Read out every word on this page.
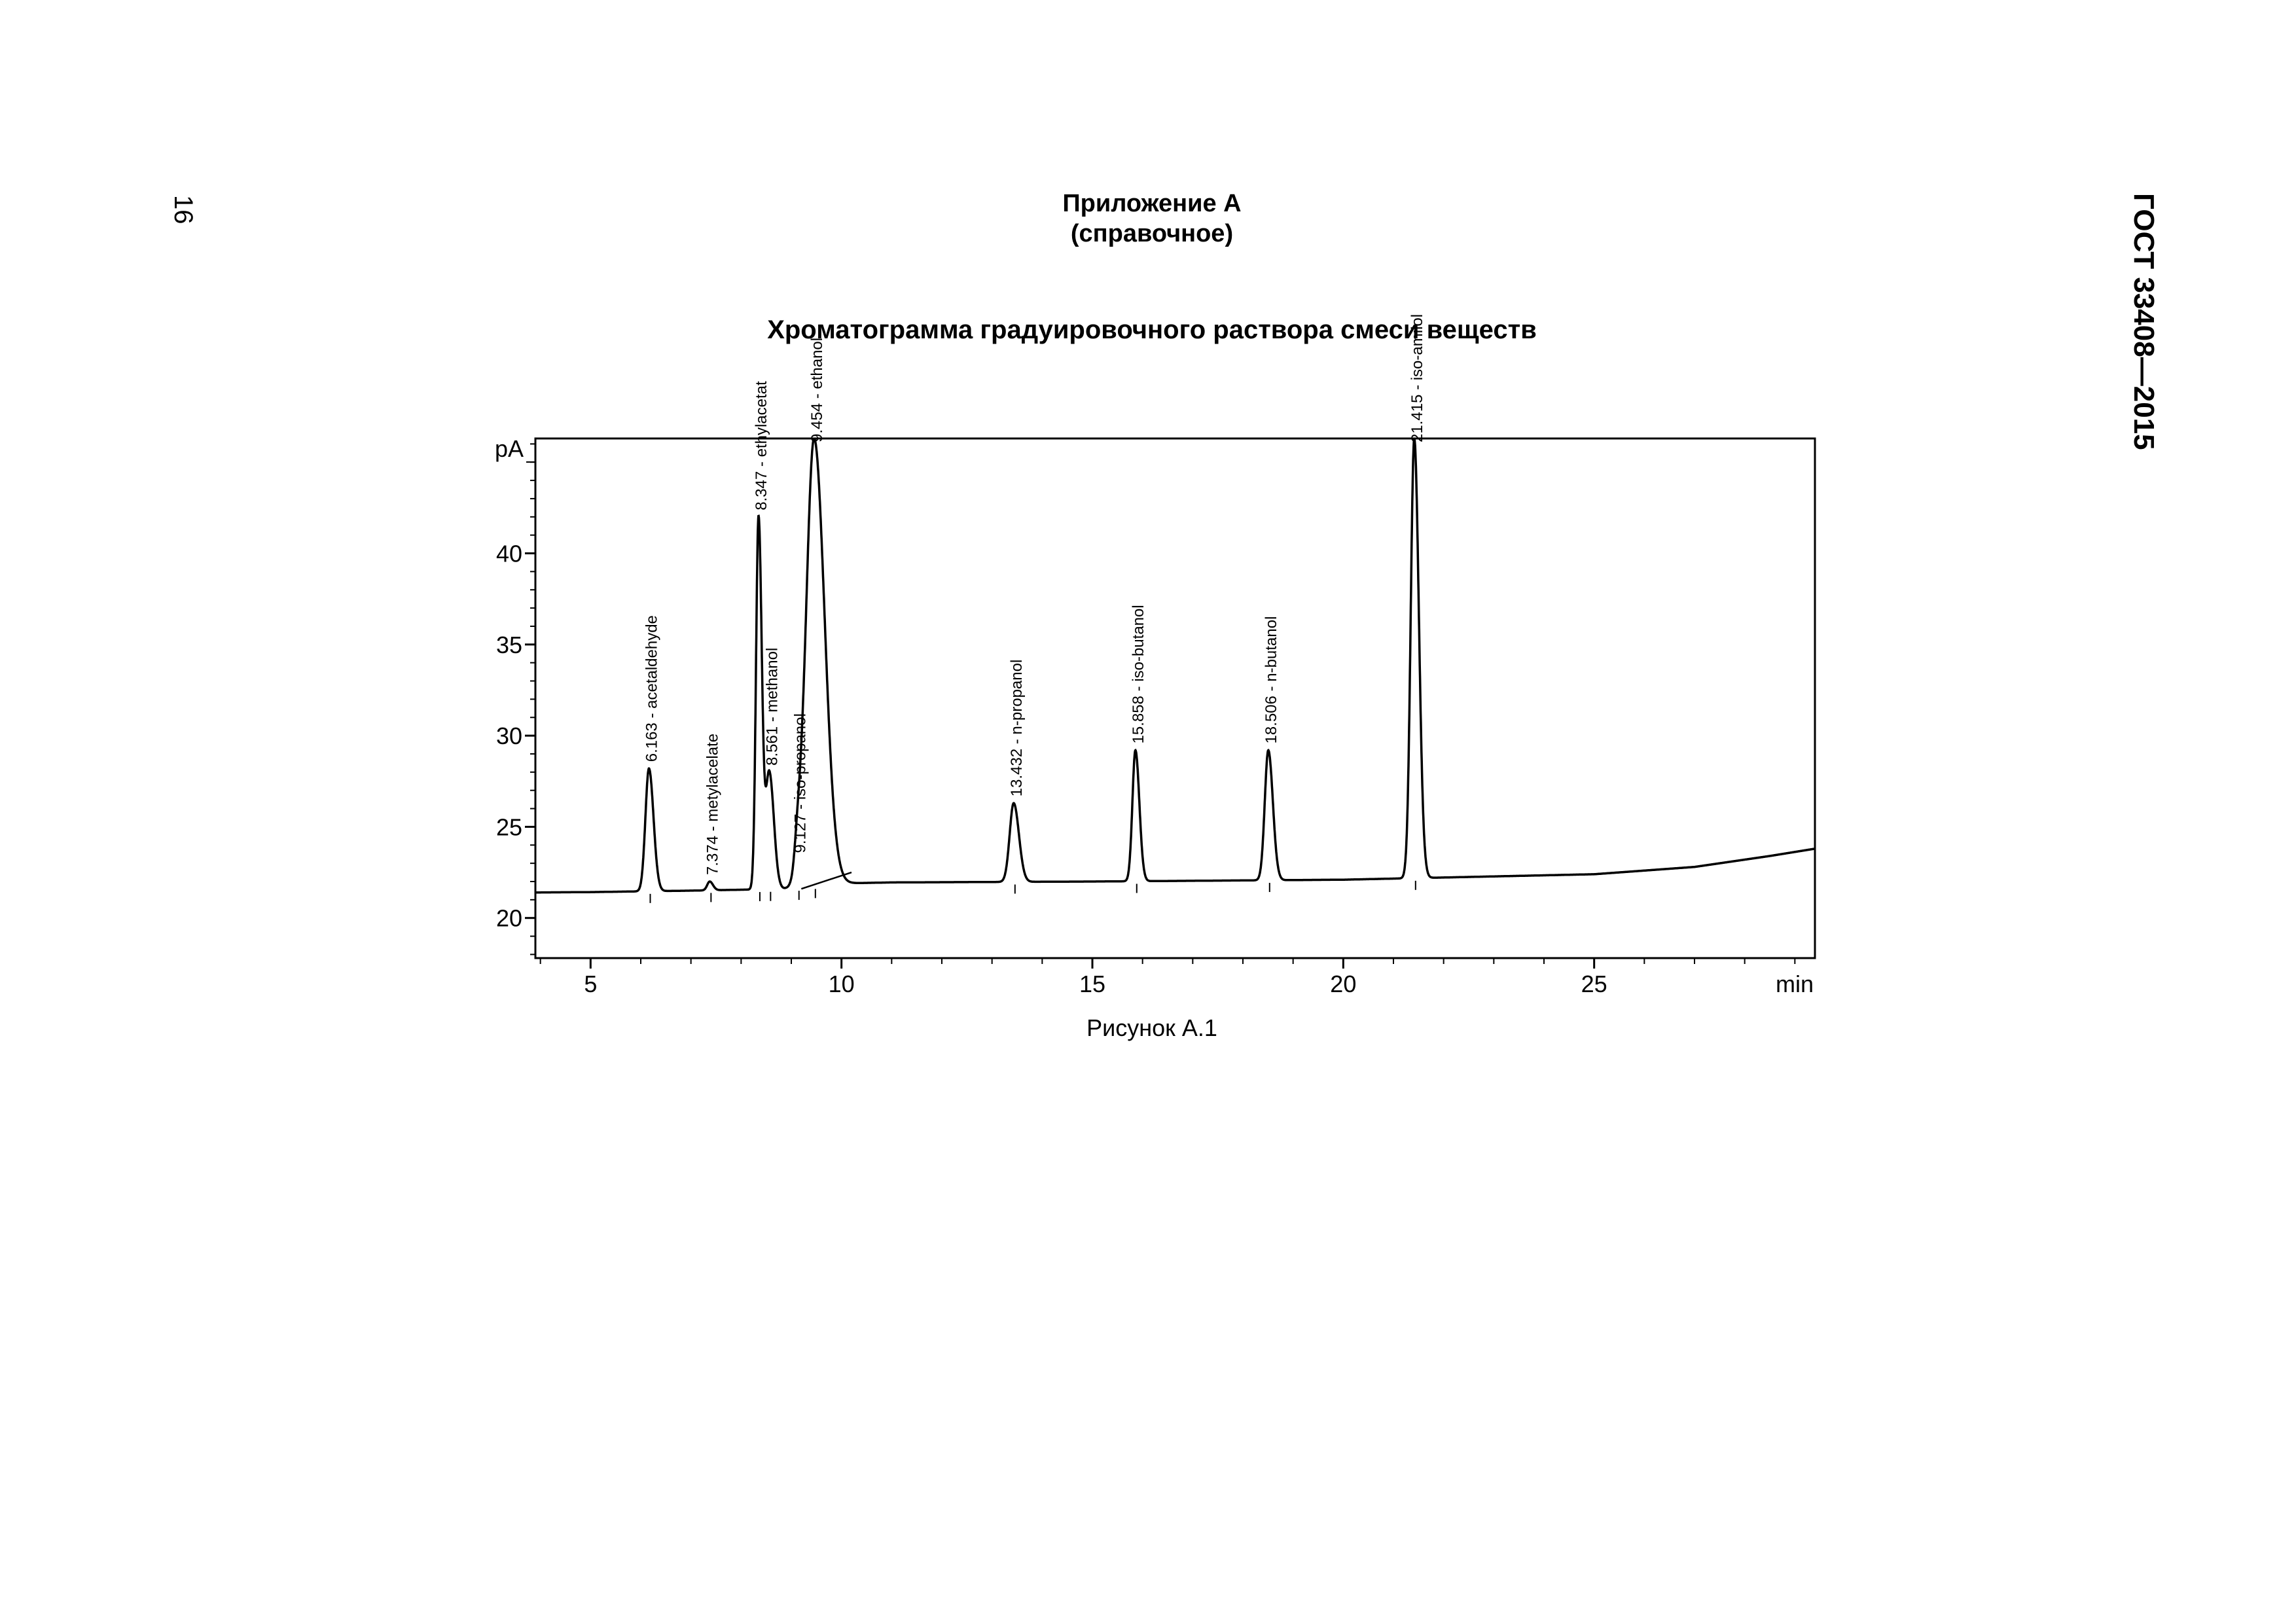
16	ГОСТ 33408—2015
Приложение А
(справочное)
Хроматограмма градуировочного раствора смеси веществ
20
25
30
35
40
5	10	15	20	25
pA
min
6.163 - acetaldehyde
7.374 - metylacelate
8.347 - ethylacetat
8.561 - methanol
9.127 - iso-propanol
9.454 - ethanol
13.432 - n-propanol	15.858 - iso-butanol	18.506 - n-butanol
21.415 - iso-amilol
Рисунок А.1
